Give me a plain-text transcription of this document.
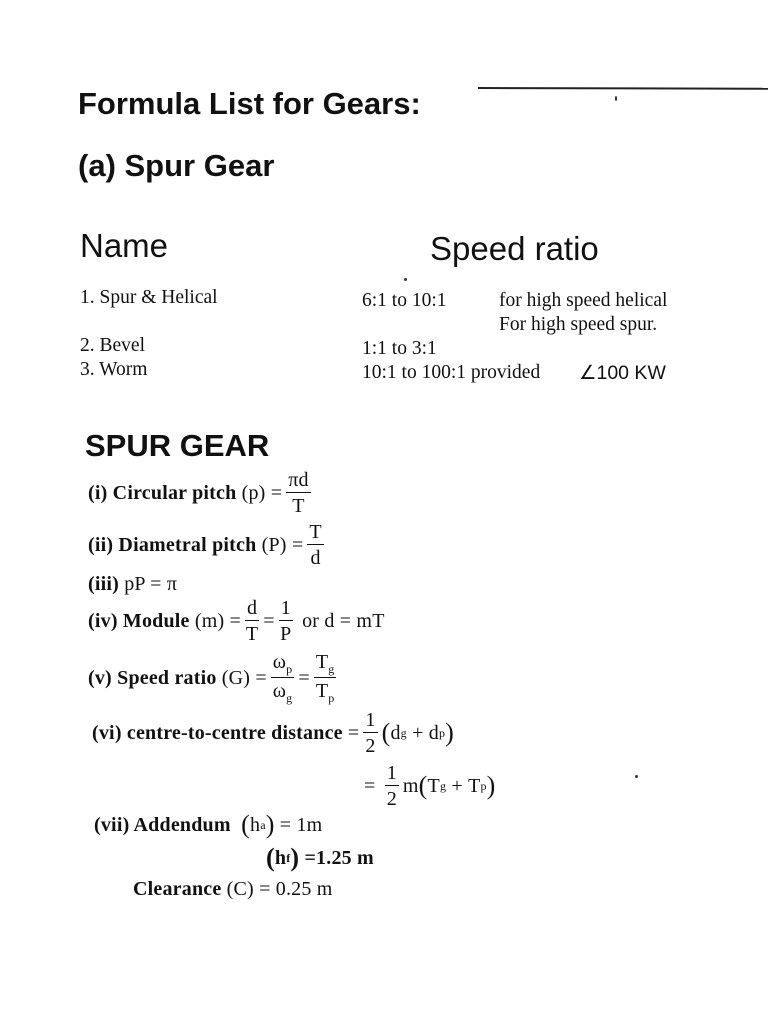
Formula List for Gears:
(a) Spur Gear
Name	Speed ratio
1. Spur & Helical	6:1 to 10:1	for high speed helical
For high speed spur.
2. Bevel	1:1 to 3:1
3. Worm	10:1 to 100:1 provided ∠100 KW
SPUR GEAR
(i) Circular pitch
$(p) = \frac{\pi d}{T}$
(ii) Diametral pitch
$(P) = \frac{T}{d}$
(iii) pP = π
(iv) Module
$(m) = \frac{d}{T} = \frac{1}{P}$
or d = mT
(v) Speed ratio
$(G) = \frac{\omega_p}{\omega_g} = \frac{T_g}{T_p}$
(vi) centre-to-centre distance
= $\frac{1}{2}$ ( d g
+
d p )
=
$\frac{1}{2}$ m ( T g
+
T p )
(vii) Addendum
( h a )
= 1m
( h f )
=1.25 m
Clearance (C) = 0.25 m
